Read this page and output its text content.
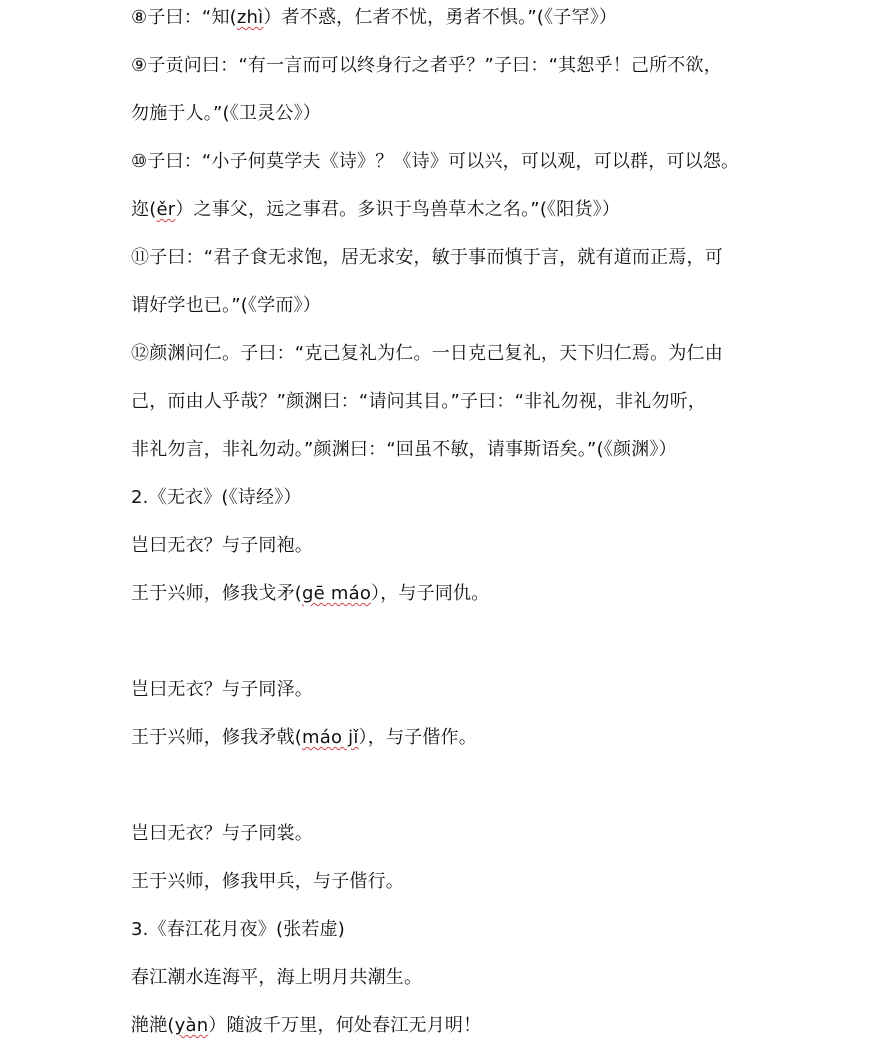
⑧子曰：“知(zhì）者不惑，仁者不忧，勇者不惧。”(《子罕》）
⑨子贡问曰：“有一言而可以终身行之者乎？”子曰：“其恕乎！己所不欲，
勿施于人。”(《卫灵公》）
⑩子曰：“小子何莫学夫《诗》？《诗》可以兴，可以观，可以群，可以怨。
迩(ěr）之事父，远之事君。多识于鸟兽草木之名。”(《阳货》）
⑪子曰：“君子食无求饱，居无求安，敏于事而慎于言，就有道而正焉，可
谓好学也已。”(《学而》）
⑫颜渊问仁。子曰：“克己复礼为仁。一日克己复礼，天下归仁焉。为仁由
己，而由人乎哉？”颜渊曰：“请问其目。”子曰：“非礼勿视，非礼勿听，
非礼勿言，非礼勿动。”颜渊曰：“回虽不敏，请事斯语矣。”(《颜渊》）
2.《无衣》(《诗经》）
岂曰无衣？与子同袍。
王于兴师，修我戈矛(gē máo），与子同仇。
岂曰无衣？与子同泽。
王于兴师，修我矛戟(máo jǐ），与子偕作。
岂曰无衣？与子同裳。
王于兴师，修我甲兵，与子偕行。
3.《春江花月夜》(张若虚)
春江潮水连海平，海上明月共潮生。
滟滟(yàn）随波千万里，何处春江无月明！
